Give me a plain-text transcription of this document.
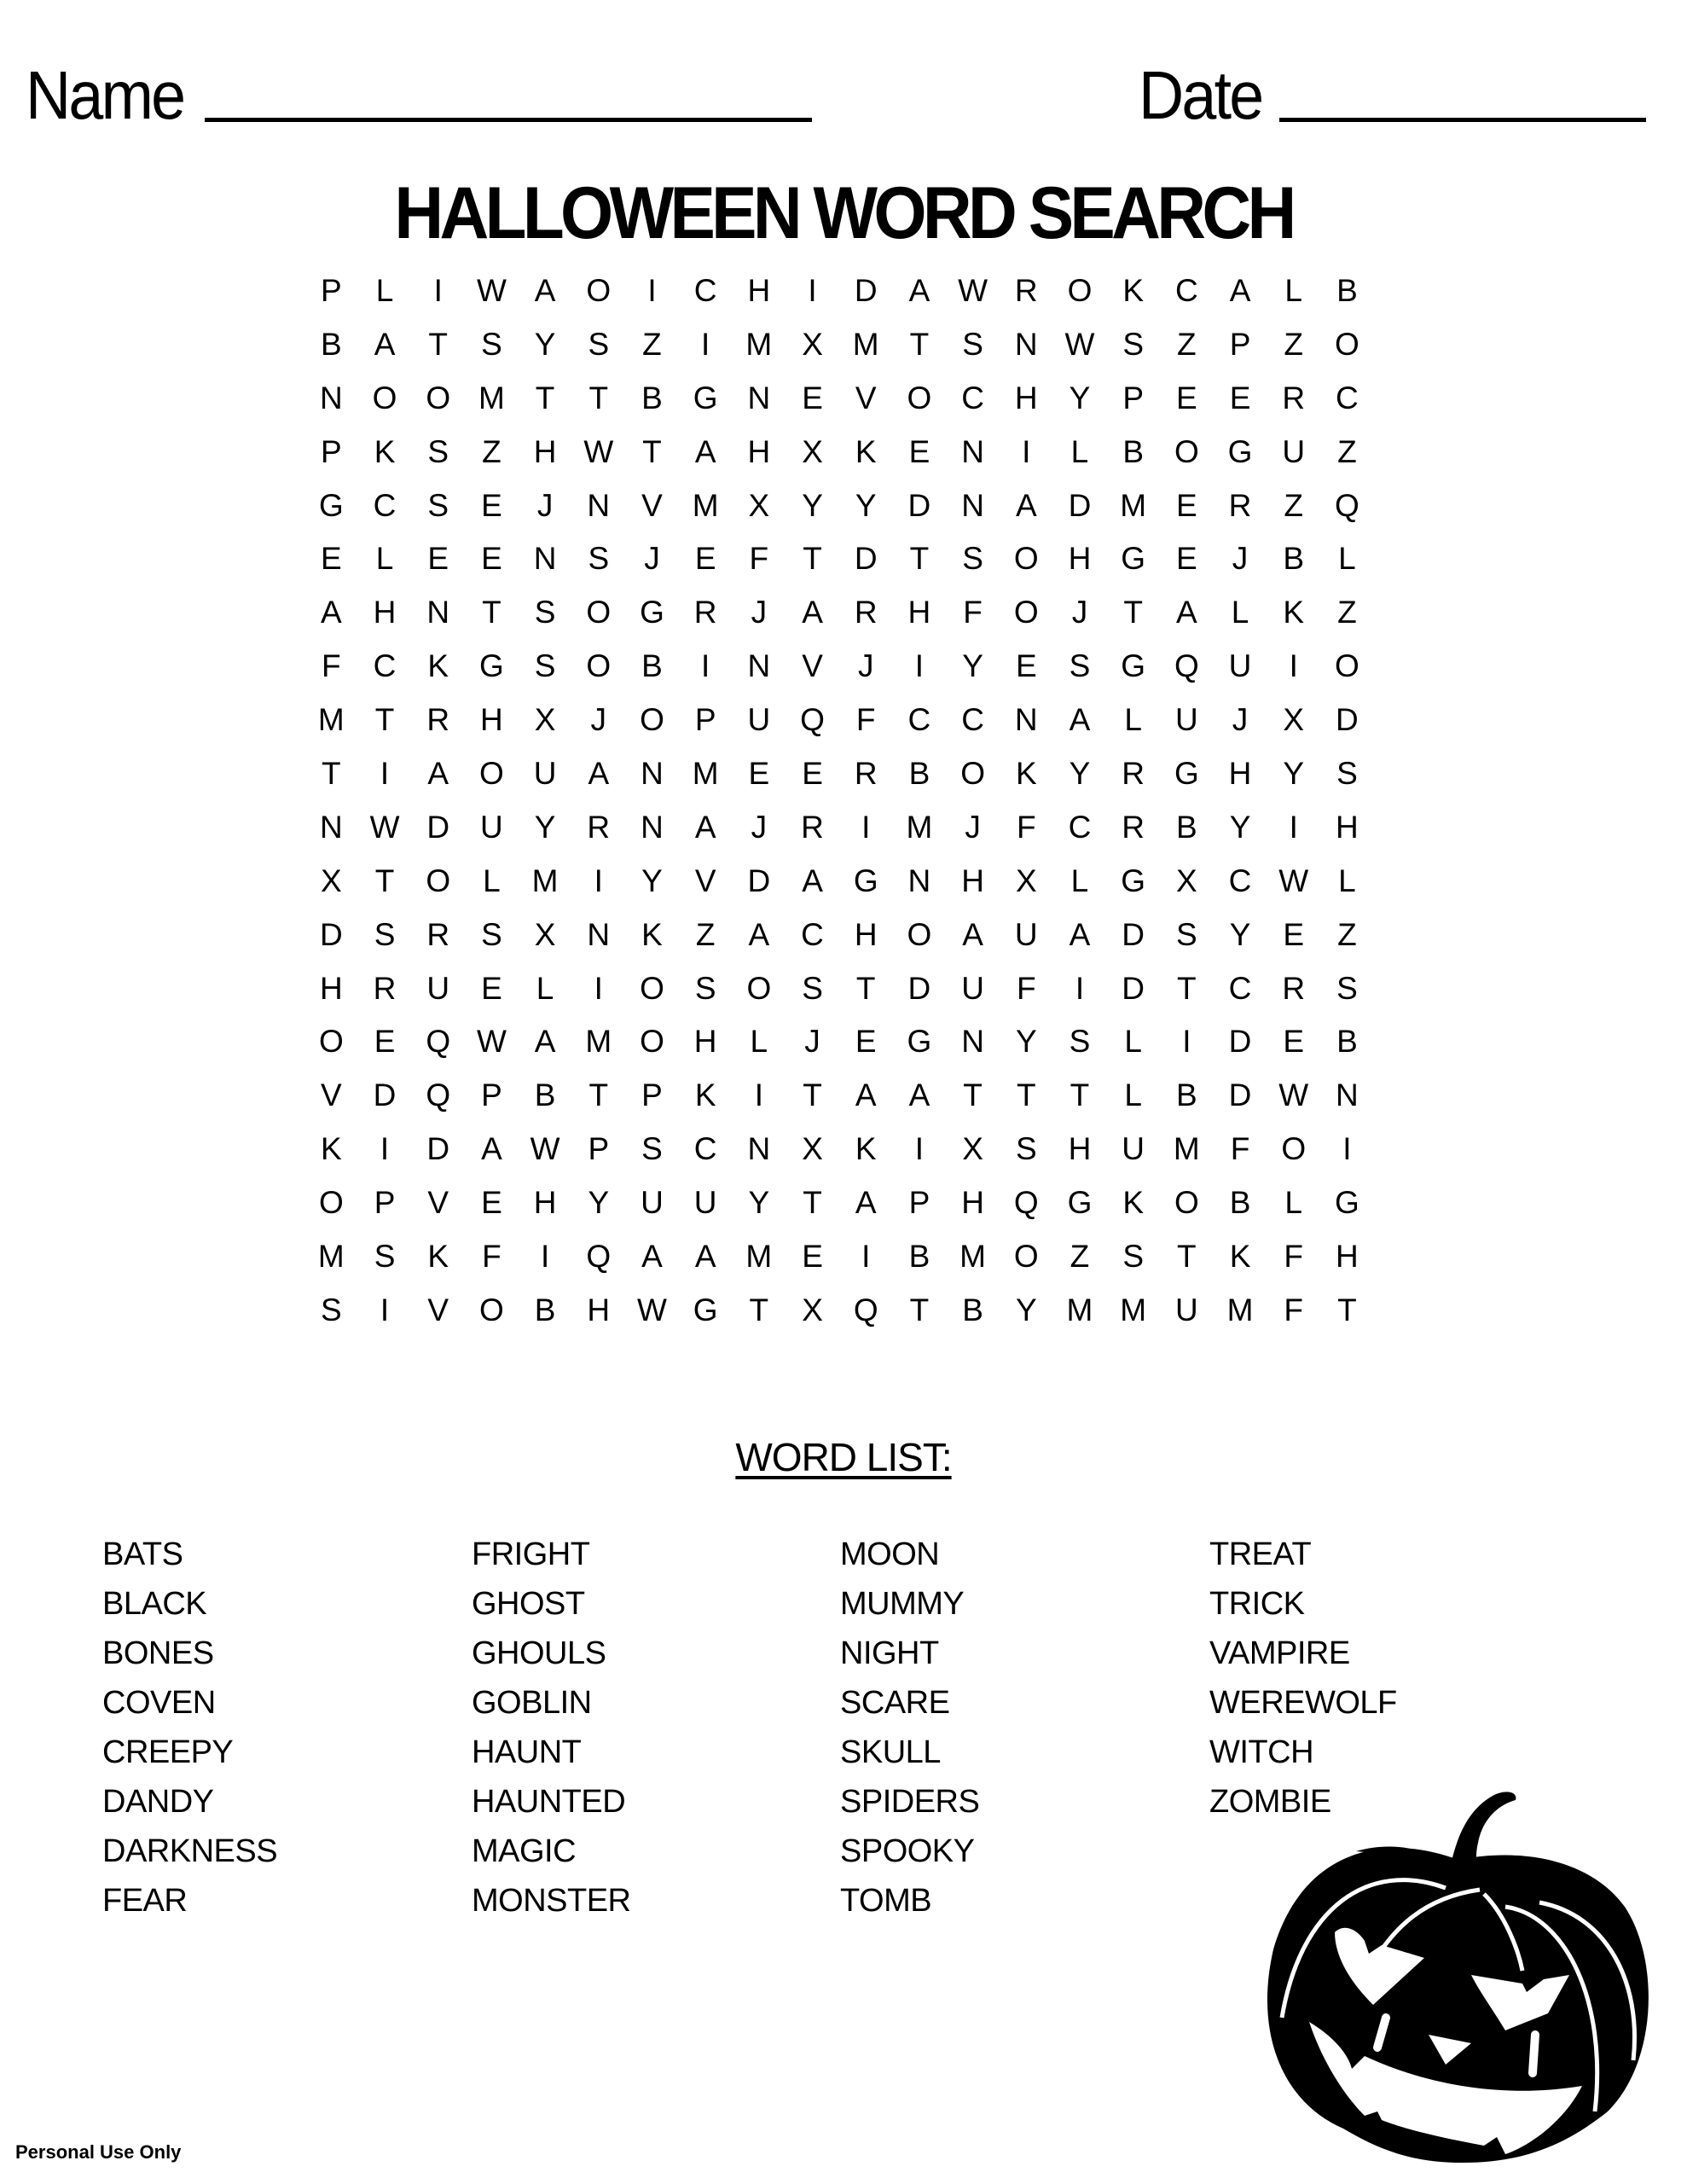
Name	Date
HALLOWEEN WORD SEARCH
P	L	I	W A O	I	C H	I	D A W R O K C A	L	B
B	A	T	S	Y	S	Z	I	M X M T	S N W S	Z	P	Z	O
N O O M T	T	B G N E	V O C H Y	P	E	E R C
P	K	S	Z	H W T	A H X	K	E N	I	L	B O G U	Z
G C S	E	J	N V M X	Y	Y D N A D M E R	Z	Q
E	L	E	E N S	J	E	F	T	D	T	S O H G E	J	B	L
A H N	T	S O G R	J	A R H	F	O	J	T	A	L	K	Z
F	C K G S O B	I	N V	J	I	Y	E	S G Q U	I	O
M T	R H X	J	O P U Q F	C C N A	L	U	J	X D
T	I	A O U A N M E	E R B O K	Y R G H Y	S
N W D U Y R N A	J	R	I	M	J	F	C R B	Y	I	H
X	T	O	L M	I	Y	V D A G N H X	L	G X C W L
D S R S	X N K	Z	A C H O A U A D S	Y	E	Z
H R U E	L	I	O S O S	T	D U	F	I	D	T	C R S
O E Q W A M O H	L	J	E G N Y	S	L	I	D E	B
V D Q P	B	T	P	K	I	T	A	A	T	T	T	L	B D W N
K	I	D A W P	S C N X	K	I	X	S H U M F	O	I
O P	V	E H Y U U Y	T	A	P H Q G K O B	L	G
M S	K	F	I	Q A	A M E	I	B M O Z	S	T	K	F	H
S	I	V O B H W G T	X Q T	B	Y M M U M F	T
WORD LIST:
BATS
BLACK
BONES
COVEN
CREEPY
DANDY
DARKNESS
FEAR
FRIGHT
GHOST
GHOULS
GOBLIN
HAUNT
HAUNTED
MAGIC
MONSTER
MOON
MUMMY
NIGHT
SCARE
SKULL
SPIDERS
SPOOKY
TOMB
TREAT
TRICK
VAMPIRE
WEREWOLF
WITCH
ZOMBIE
Personal Use Only
